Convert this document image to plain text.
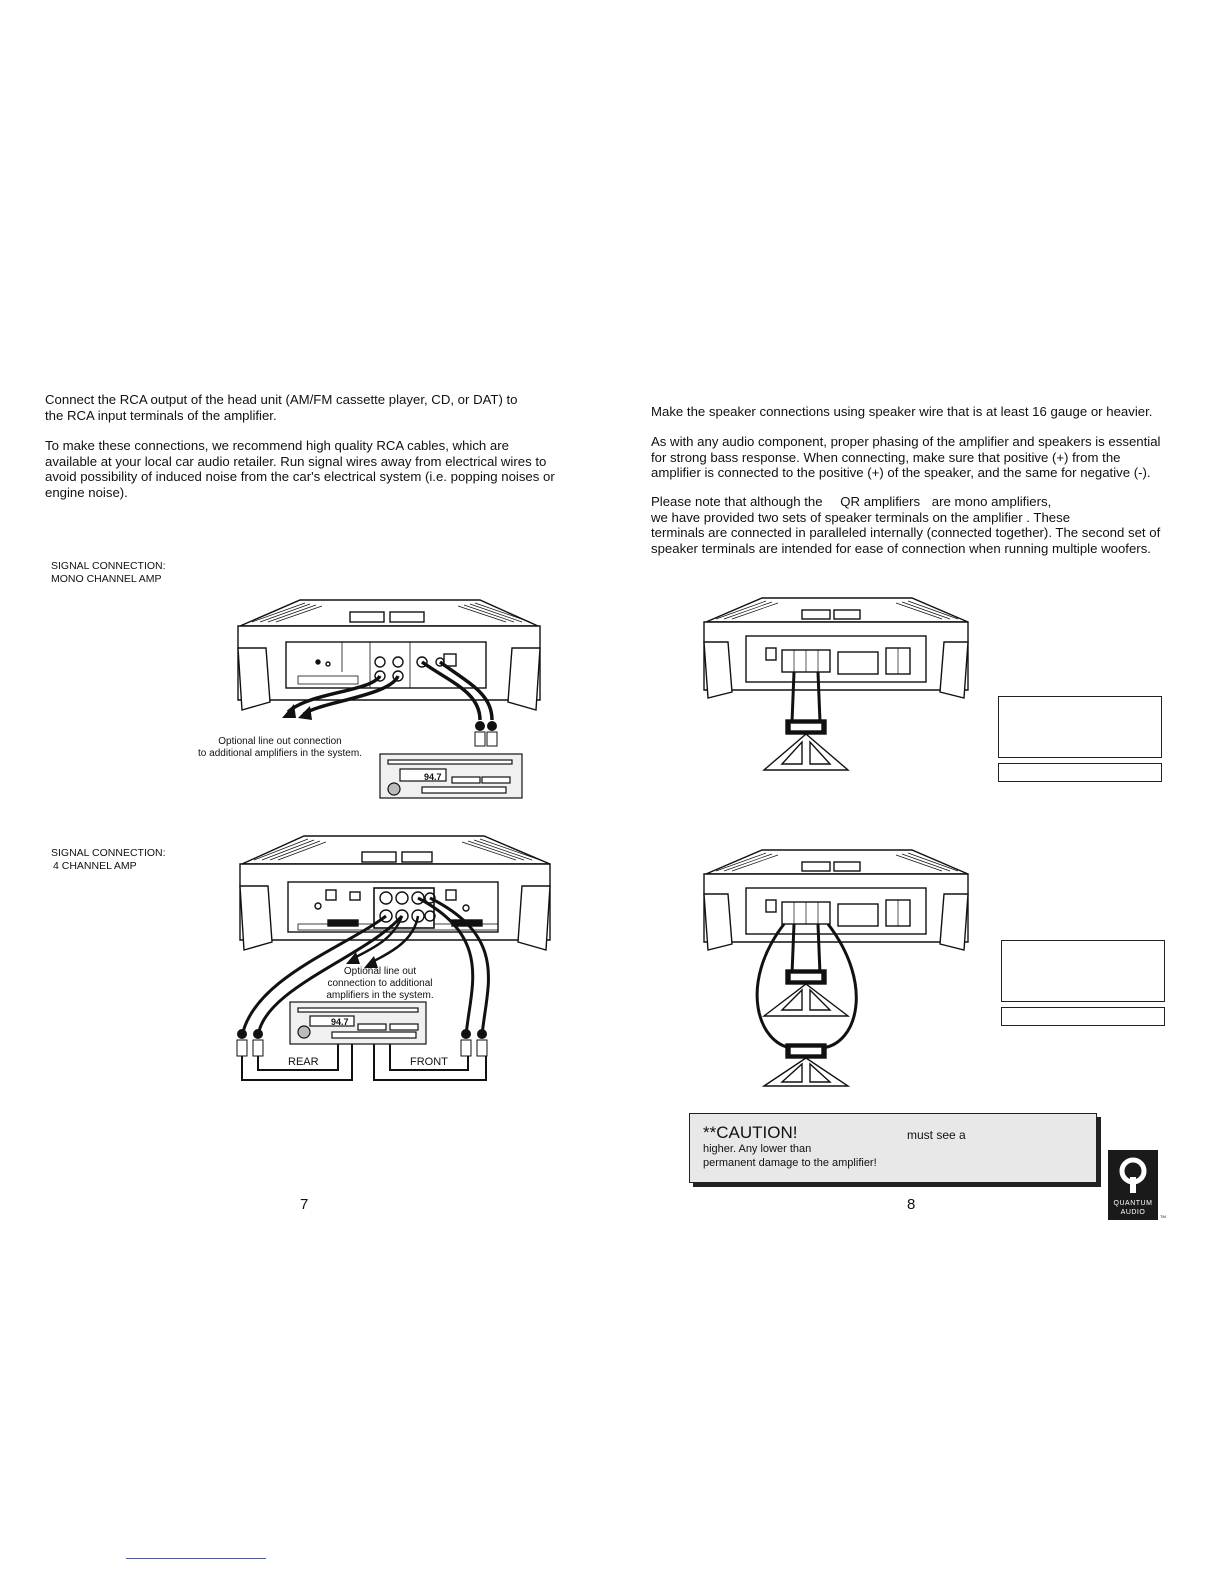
Connect the RCA output of the head unit (AM/FM cassette player, CD, or DAT) to
the RCA input terminals of the amplifier.
To make these connections, we recommend high quality RCA cables, which are
available at your local car audio retailer. Run signal wires away from electrical wires to
avoid possibility of induced noise from the car's electrical system (i.e. popping noises or
engine noise).
SIGNAL CONNECTION:
MONO CHANNEL AMP
94.7
Optional line out connection
to additional amplifiers in the system.
SIGNAL CONNECTION:
4 CHANNEL AMP
94.7
Optional line out
connection to additional
amplifiers in the system.
REAR	FRONT
7
Make the speaker connections using speaker wire that is at least 16 gauge or heavier.
As with any audio component, proper phasing of the amplifier and speakers is essential
for strong bass response. When connecting, make sure that positive (+) from the
amplifier is connected to the positive (+) of the speaker, and the same for negative (-).
Please note that although the QR amplifiers are mono amplifiers,
we have provided two sets of speaker terminals on the amplifier . These
terminals are connected in paralleled internally (connected together). The second set of
speaker terminals are intended for ease of connection when running multiple woofers.
**CAUTION!	must see a
higher. Any lower than
permanent damage to the amplifier!
8	QUANTUM
AUDIO
TM
